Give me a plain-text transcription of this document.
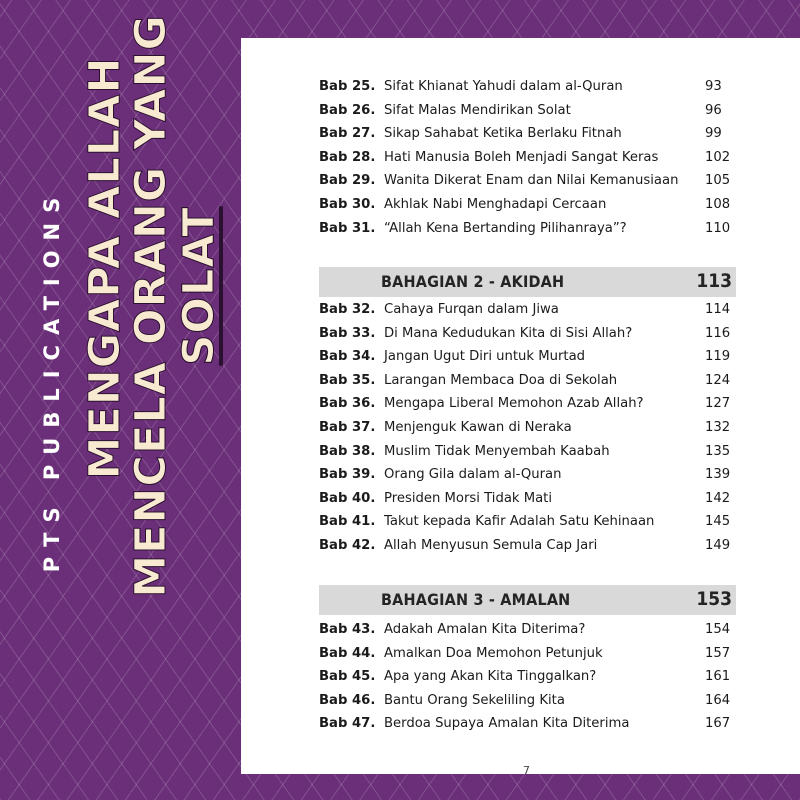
PTS PUBLICATIONS MENGAPA ALLAH
MENCELA ORANG YANG
SOLAT
Bab 25. Sifat Khianat Yahudi dalam al-Quran	93
Bab 26. Sifat Malas Mendirikan Solat	96
Bab 27. Sikap Sahabat Ketika Berlaku Fitnah	99
Bab 28. Hati Manusia Boleh Menjadi Sangat Keras	102
Bab 29. Wanita Dikerat Enam dan Nilai Kemanusiaan 105
Bab 30. Akhlak Nabi Menghadapi Cercaan	108
Bab 31. “Allah Kena Bertanding Pilihanraya”?	110
BAHAGIAN 2 - AKIDAH	113
Bab 32. Cahaya Furqan dalam Jiwa	114
Bab 33. Di Mana Kedudukan Kita di Sisi Allah?	116
Bab 34. Jangan Ugut Diri untuk Murtad	119
Bab 35. Larangan Membaca Doa di Sekolah	124
Bab 36. Mengapa Liberal Memohon Azab Allah?	127
Bab 37. Menjenguk Kawan di Neraka	132
Bab 38. Muslim Tidak Menyembah Kaabah	135
Bab 39. Orang Gila dalam al-Quran	139
Bab 40. Presiden Morsi Tidak Mati	142
Bab 41. Takut kepada Kafir Adalah Satu Kehinaan	145
Bab 42. Allah Menyusun Semula Cap Jari	149
BAHAGIAN 3 - AMALAN	153
Bab 43. Adakah Amalan Kita Diterima?	154
Bab 44. Amalkan Doa Memohon Petunjuk	157
Bab 45. Apa yang Akan Kita Tinggalkan?	161
Bab 46. Bantu Orang Sekeliling Kita	164
Bab 47. Berdoa Supaya Amalan Kita Diterima	167
7
